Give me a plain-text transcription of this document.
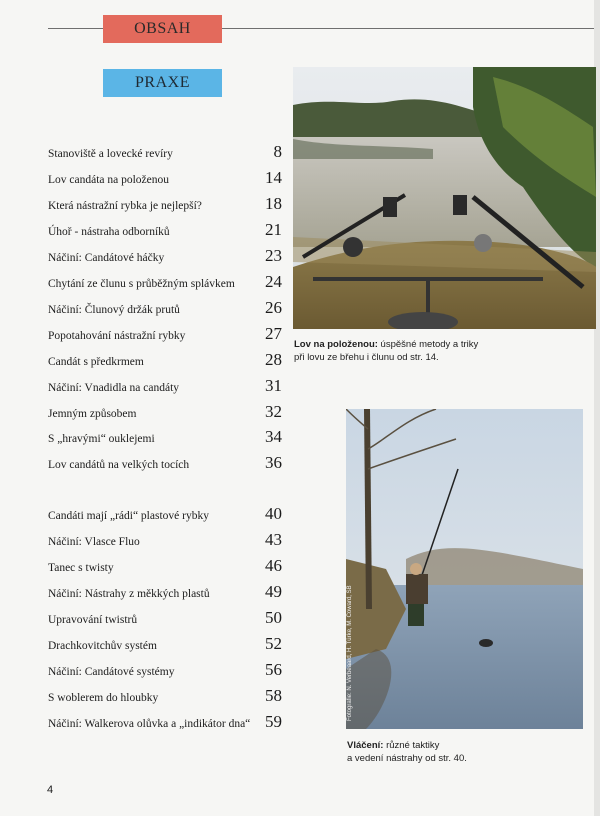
OBSAH
PRAXE
Stanoviště a lovecké revíry	8
Lov candáta na položenou	14
Která nástražní rybka je nejlepší?	18
Úhoř - nástraha odborníků	21
Náčiní: Candátové háčky	23
Chytání ze člunu s průběžným splávkem 24
Náčiní: Člunový držák prutů	26
Popotahování nástražní rybky	27
Candát s předkrmem	28
Náčiní: Vnadidla na candáty	31
Jemným způsobem	32
S „hravými“ ouklejemi	34
Lov candátů na velkých tocích	36
Candáti mají „rádi“ plastové rybky	40
Náčiní: Vlasce Fluo	43
Tanec s twisty	46
Náčiní: Nástrahy z měkkých plastů	49
Upravování twistrů	50
Drachkovitchův systém	52
Náčiní: Candátové systémy	56
S woblerem do hloubky	58
Náčiní: Walkerova olůvka a „indikátor dna“ 59
Lov na položenou: úspěšné metody a triky
při lovu ze břehu i člunu od str. 14.
Fotografie: N. Verbeaard, H. Türke, M. Coward, SB
Vláčení: různé taktiky
a vedení nástrahy od str. 40.
4
